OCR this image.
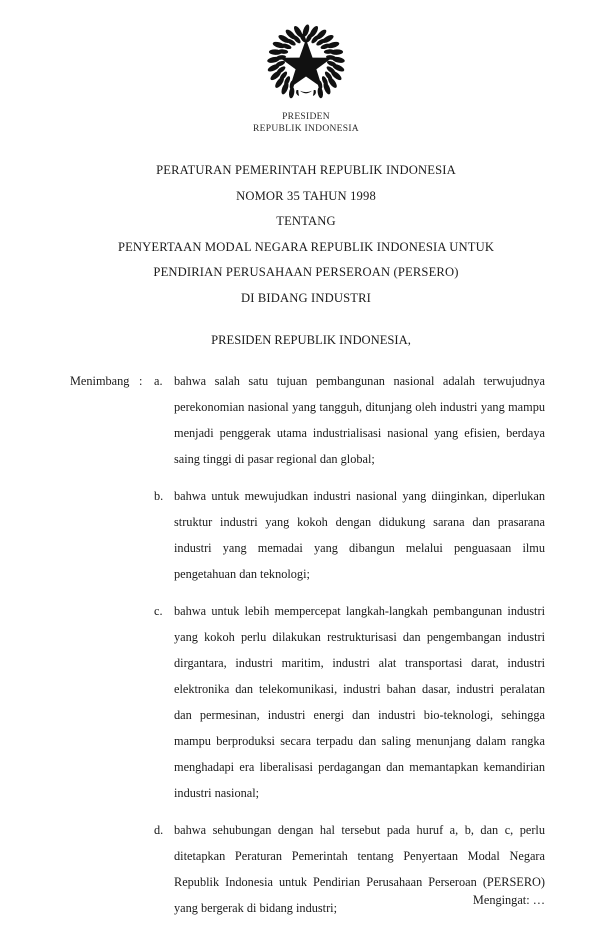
PRESIDEN
REPUBLIK INDONESIA
PERATURAN PEMERINTAH REPUBLIK INDONESIA
NOMOR 35 TAHUN 1998
TENTANG
PENYERTAAN MODAL NEGARA REPUBLIK INDONESIA UNTUK
PENDIRIAN PERUSAHAAN PERSEROAN (PERSERO)
DI BIDANG INDUSTRI
PRESIDEN REPUBLIK INDONESIA,
Menimbang : a. bahwa salah satu tujuan pembangunan nasional adalah terwujudnya perekonomian nasional yang tangguh, ditunjang oleh industri yang mampu menjadi penggerak utama industrialisasi nasional yang efisien, berdaya saing tinggi di pasar regional dan global;
b. bahwa untuk mewujudkan industri nasional yang diinginkan, diperlukan struktur industri yang kokoh dengan didukung sarana dan prasarana industri yang memadai yang dibangun melalui penguasaan ilmu pengetahuan dan teknologi;
c. bahwa untuk lebih mempercepat langkah-langkah pembangunan industri yang kokoh perlu dilakukan restrukturisasi dan pengembangan industri dirgantara, industri maritim, industri alat transportasi darat, industri elektronika dan telekomunikasi, industri bahan dasar, industri peralatan dan permesinan, industri energi dan industri bio-teknologi, sehingga mampu berproduksi secara terpadu dan saling menunjang dalam rangka menghadapi era liberalisasi perdagangan dan memantapkan kemandirian industri nasional;
d. bahwa sehubungan dengan hal tersebut pada huruf a, b, dan c, perlu ditetapkan Peraturan Pemerintah tentang Penyertaan Modal Negara Republik Indonesia untuk Pendirian Perusahaan Perseroan (PERSERO) yang bergerak di bidang industri;
Mengingat: …
